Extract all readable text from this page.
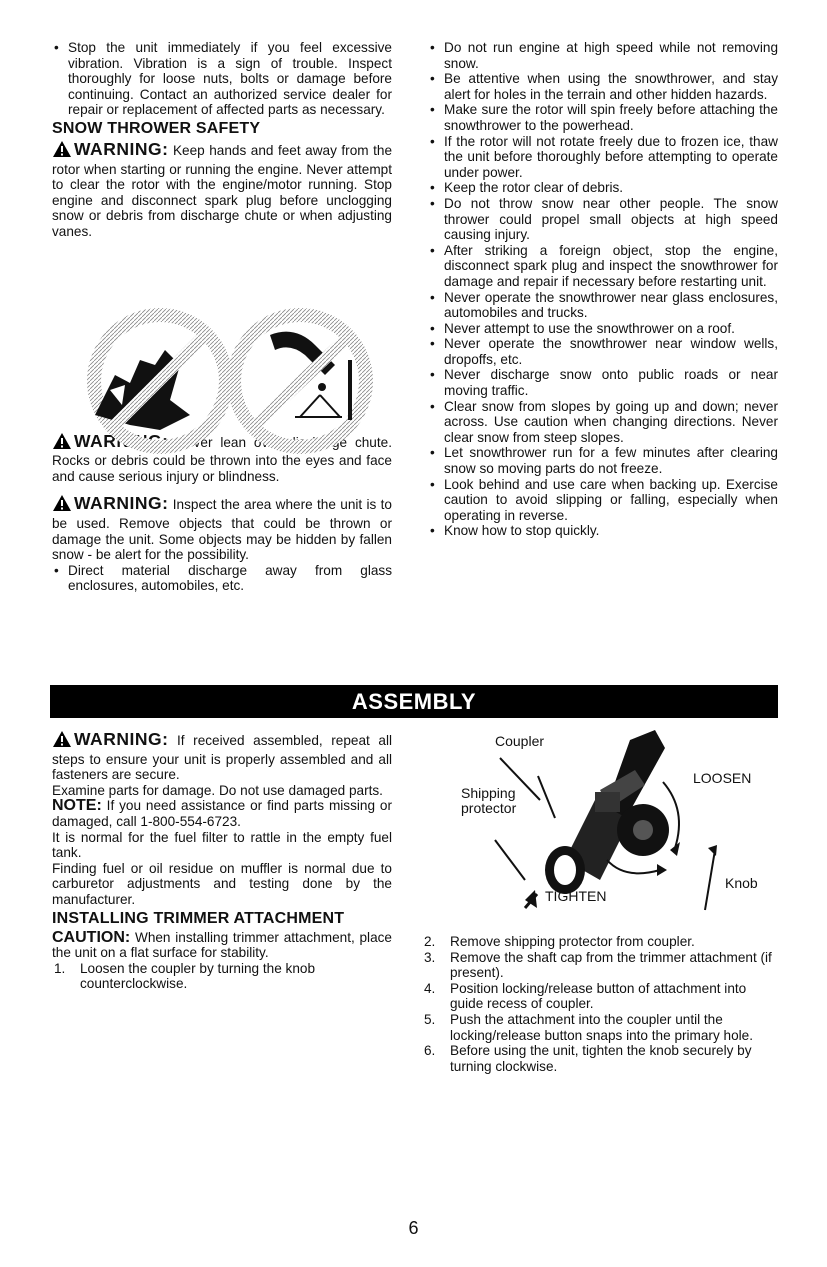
• Stop the unit immediately if you feel excessive vibration. Vibration is a sign of trouble. Inspect thoroughly for loose nuts, bolts or damage before continuing. Contact an authorized service dealer for repair or replacement of affected parts as necessary.
SNOW THROWER SAFETY

WARNING: Keep hands and feet away from the rotor when starting or running the engine. Never attempt to clear the rotor with the engine/motor running. Stop engine and disconnect spark plug before unclogging snow or debris from discharge chute or when adjusting vanes.

WARNING: Never lean over discharge chute. Rocks or debris could be thrown into the eyes and face and cause serious injury or blindness.

WARNING: Inspect the area where the unit is to be used. Remove objects that could be thrown or damage the unit. Some objects may be hidden by fallen snow - be alert for the possibility.

• Direct material discharge away from glass enclosures, automobiles, etc.
• Do not run engine at high speed while not removing snow.
• Be attentive when using the snowthrower, and stay alert for holes in the terrain and other hidden hazards.
• Make sure the rotor will spin freely before attaching the snowthrower to the powerhead.
• If the rotor will not rotate freely due to frozen ice, thaw the unit before thoroughly before attempting to operate under power.
• Keep the rotor clear of debris.
• Do not throw snow near other people. The snow thrower could propel small objects at high speed causing injury.
• After striking a foreign object, stop the engine, disconnect spark plug and inspect the snowthrower for damage and repair if necessary before restarting unit.
• Never operate the snowthrower near glass enclosures, automobiles and trucks.
• Never attempt to use the snowthrower on a roof.
• Never operate the snowthrower near window wells, dropoffs, etc.
• Never discharge snow onto public roads or near moving traffic.
• Clear snow from slopes by going up and down; never across. Use caution when changing directions. Never clear snow from steep slopes.
• Let snowthrower run for a few minutes after clearing snow so moving parts do not freeze.
• Look behind and use care when backing up. Exercise caution to avoid slipping or falling, especially when operating in reverse.
• Know how to stop quickly.
ASSEMBLY

WARNING: If received assembled, repeat all steps to ensure your unit is properly assembled and all fasteners are secure.

Examine parts for damage. Do not use damaged parts.

NOTE: If you need assistance or find parts missing or damaged, call 1-800-554-6723.

It is normal for the fuel filter to rattle in the empty fuel tank.

Finding fuel or oil residue on muffler is normal due to carburetor adjustments and testing done by the manufacturer.

INSTALLING TRIMMER ATTACHMENT

CAUTION: When installing trimmer attachment, place the unit on a flat surface for stability.

1. Loosen the coupler by turning the knob counterclockwise.
Coupler
LOOSEN
Shipping
protector
Knob
TIGHTEN
2. Remove shipping protector from coupler.
3. Remove the shaft cap from the trimmer attachment (if present).
4. Position locking/release button of attachment into guide recess of coupler.
5. Push the attachment into the coupler until the locking/release button snaps into the primary hole.
6. Before using the unit, tighten the knob securely by turning clockwise.
6
